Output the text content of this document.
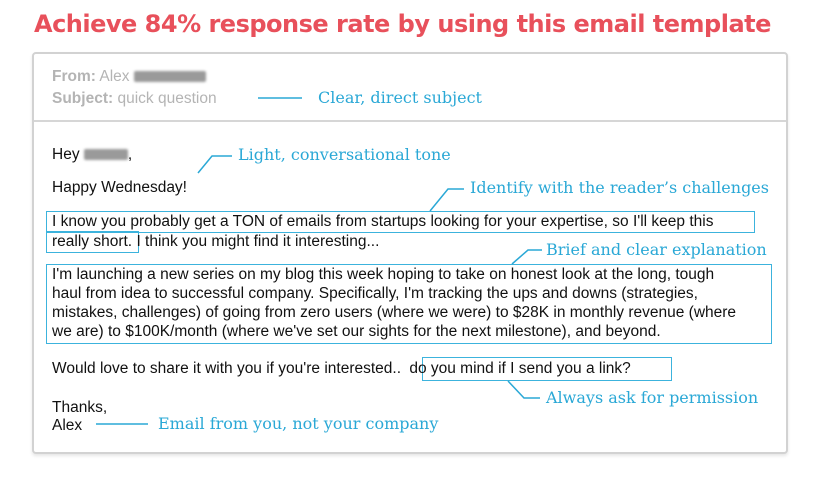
Achieve 84% response rate by using this email template
From: Alex
Subject: quick question
Hey	,
Happy Wednesday!
I know you probably get a TON of emails from startups looking for your expertise, so I'll keep this
really short. I think you might find it interesting...
I'm launching a new series on my blog this week hoping to take on honest look at the long, tough
haul from idea to successful company. Specifically, I'm tracking the ups and downs (strategies,
mistakes, challenges) of going from zero users (where we were) to $28K in monthly revenue (where
we are) to $100K/month (where we've set our sights for the next milestone), and beyond.
Would love to share it with you if you're interested.. do you mind if I send you a link?
Thanks,
Alex
Clear, direct subject
Light, conversational tone
Identify with the reader’s challenges
Brief and clear explanation
Always ask for permission
Email from you, not your company
